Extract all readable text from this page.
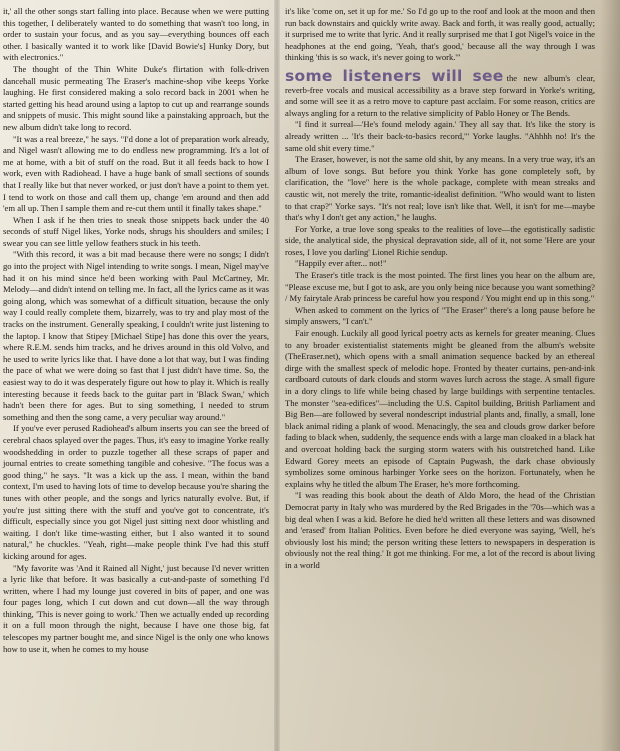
it,' all the other songs start falling into place. Because when we were putting this together, I deliberately wanted to do something that wasn't too long, in order to sustain your focus, and as you say—everything bounces off each other. I basically wanted it to work like [David Bowie's] Hunky Dory, but with electronics."

The thought of the Thin White Duke's flirtation with folk-driven dancehall music permeating The Eraser's machine-shop vibe keeps Yorke laughing. He first considered making a solo record back in 2001 when he started getting his head around using a laptop to cut up and rearrange sounds and snippets of music. This might sound like a painstaking approach, but the new album didn't take long to record.

"It was a real breeze," he says. "I'd done a lot of preparation work already, and Nigel wasn't allowing me to do endless new programming. It's a lot of me at home, with a bit of stuff on the road. But it all feeds back to how I work, even with Radiohead. I have a huge bank of small sections of sounds that I really like but that never worked, or just don't have a point to them yet. I tend to work on those and call them up, change 'em around and then add 'em all up. Then I sample them and re-cut them until it finally takes shape."

When I ask if he then tries to sneak those snippets back under the 40 seconds of stuff Nigel likes, Yorke nods, shrugs his shoulders and smiles; I swear you can see little yellow feathers stuck in his teeth.

"With this record, it was a bit mad because there were no songs; I didn't go into the project with Nigel intending to write songs. I mean, Nigel may've had it on his mind since he'd been working with Paul McCartney, Mr. Melody—and didn't intend on telling me. In fact, all the lyrics came as it was going along, which was somewhat of a difficult situation, because the only way I could really complete them, bizarrely, was to try and play most of the tracks on the instrument. Generally speaking, I couldn't write just listening to the laptop. I know that Stipey [Michael Stipe] has done this over the years, where R.E.M. sends him tracks, and he drives around in this old Volvo, and he used to write lyrics like that. I have done a lot that way, but I was finding the pace of what we were doing so fast that I just didn't have time. So, the easiest way to do it was desperately figure out how to play it. Which is really interesting because it feeds back to the guitar part in 'Black Swan,' which hadn't been there for ages. But to sing something, I needed to strum something and then the song came, a very peculiar way around."

If you've ever perused Radiohead's album inserts you can see the breed of cerebral chaos splayed over the pages. Thus, it's easy to imagine Yorke really woodshedding in order to puzzle together all these scraps of paper and journal entries to create something tangible and cohesive. "The focus was a good thing," he says. "It was a kick up the ass. I mean, within the band context, I'm used to having lots of time to develop because you're sharing the tunes with other people, and the songs and lyrics naturally evolve. But, if you're just sitting there with the stuff and you've got to concentrate, it's difficult, especially since you got Nigel just sitting next door whistling and waiting. I don't like time-wasting either, but I also wanted it to sound natural," he chuckles. "Yeah, right—make people think I've had this stuff kicking around for ages.

"My favorite was 'And it Rained all Night,' just because I'd never written a lyric like that before. It was basically a cut-and-paste of something I'd written, where I had my lounge just covered in bits of paper, and one was four pages long, which I cut down and cut down—all the way through thinking, 'This is never going to work.' Then we actually ended up recording it on a full moon through the night, because I have one those big, fat telescopes my partner bought me, and since Nigel is the only one who knows how to use it, when he comes to my house

it's like 'come on, set it up for me.' So I'd go up to the roof and look at the moon and then run back downstairs and quickly write away. Back and forth, it was really good, actually; it surprised me to write that lyric. And it really surprised me that I got Nigel's voice in the headphones at the end going, 'Yeah, that's good,' because all the way through I was thinking 'this is so wack, it's never going to work.'"

some listeners will see the new album's clear, reverb-free vocals and musical accessibility as a brave step forward in Yorke's writing, and some will see it as a retro move to capture past acclaim. For some reason, critics are always angling for a return to the relative simplicity of Pablo Honey or The Bends.

"I find it surreal—'He's found melody again.' They all say that. It's like the story is already written ... 'It's their back-to-basics record,'" Yorke laughs. "Ahhhh no! It's the same old shit every time."

The Eraser, however, is not the same old shit, by any means. In a very true way, it's an album of love songs. But before you think Yorke has gone completely soft, by clarification, the "love" here is the whole package, complete with mean streaks and caustic wit, not merely the trite, romantic-idealist definition. "Who would want to listen to that crap?" Yorke says. "It's not real; love isn't like that. Well, it isn't for me—maybe that's why I don't get any action," he laughs.

For Yorke, a true love song speaks to the realities of love—the egotistically sadistic side, the analytical side, the physical depravation side, all of it, not some 'Here are your roses, I love you darling' Lionel Richie sendup.

"Happily ever after... not!"

The Eraser's title track is the most pointed. The first lines you hear on the album are, "Please excuse me, but I got to ask, are you only being nice because you want something? / My fairytale Arab princess be careful how you respond / You might end up in this song."

When asked to comment on the lyrics of "The Eraser" there's a long pause before he simply answers, "I can't."

Fair enough. Luckily all good lyrical poetry acts as kernels for greater meaning. Clues to any broader existentialist statements might be gleaned from the album's website (TheEraser.net), which opens with a small animation sequence backed by an ethereal dirge with the smallest speck of melodic hope. Fronted by theater curtains, pen-and-ink cardboard cutouts of dark clouds and storm waves lurch across the stage. A small figure in a dory clings to life while being chased by large buildings with serpentine tentacles. The monster "sea-edifices"—including the U.S. Capitol building, British Parliament and Big Ben—are followed by several nondescript industrial plants and, finally, a small, lone black animal riding a plank of wood. Menacingly, the sea and clouds grow darker before fading to black when, suddenly, the sequence ends with a large man cloaked in a black hat and overcoat holding back the surging storm waters with his outstretched hand. Like Edward Gorey meets an episode of Captain Pugwash, the dark chase obviously symbolizes some ominous harbinger Yorke sees on the horizon. Fortunately, when he explains why he titled the album The Eraser, he's more forthcoming.

"I was reading this book about the death of Aldo Moro, the head of the Christian Democrat party in Italy who was murdered by the Red Brigades in the '70s—which was a big deal when I was a kid. Before he died he'd written all these letters and was disowned and 'erased' from Italian Politics. Even before he died everyone was saying, 'Well, he's obviously lost his mind; the person writing these letters to newspapers in desperation is obviously not the real thing.' It got me thinking. For me, a lot of the record is about living in a world
